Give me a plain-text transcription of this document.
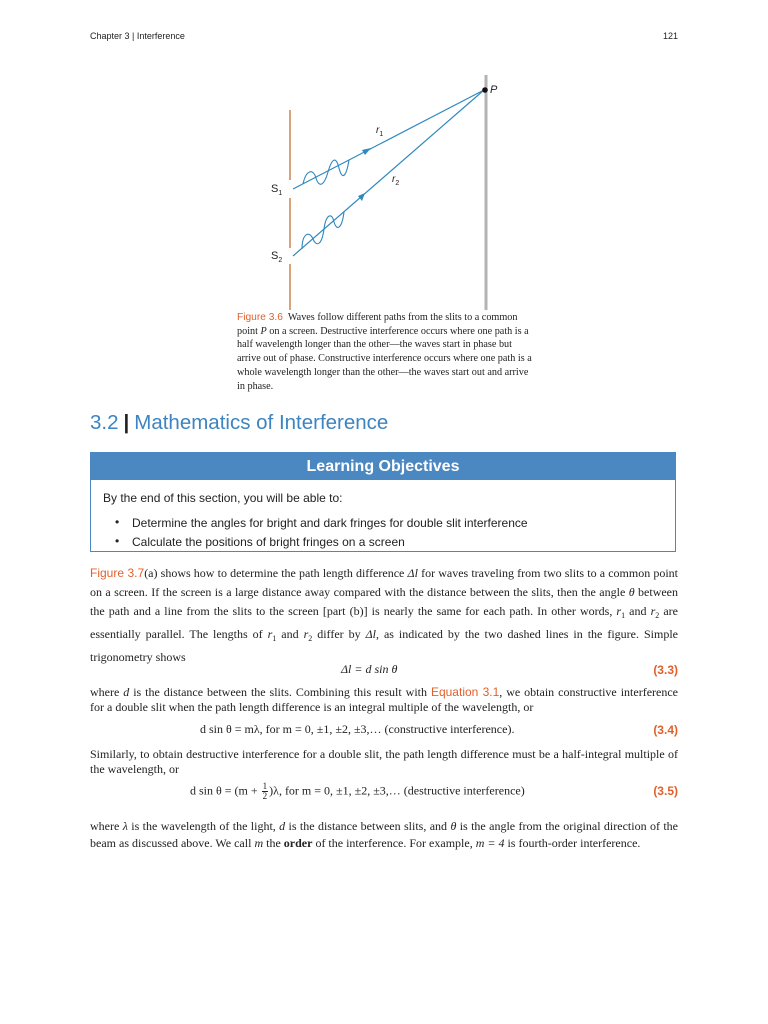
Chapter 3 | Interference	121
P
$r_1$
$r_2$
$S_1$
$S_2$
Figure 3.6 Waves follow different paths from the slits to a common point P on a screen. Destructive interference occurs where one path is a half wavelength longer than the other—the waves start in phase but arrive out of phase. Constructive interference occurs where one path is a whole wavelength longer than the other—the waves start out and arrive in phase.
3.2 | Mathematics of Interference
Learning Objectives
By the end of this section, you will be able to:
• Determine the angles for bright and dark fringes for double slit interference
• Calculate the positions of bright fringes on a screen
Figure 3.7(a) shows how to determine the path length difference Δl for waves traveling from two slits to a common point on a screen. If the screen is a large distance away compared with the distance between the slits, then the angle θ between the path and a line from the slits to the screen [part (b)] is nearly the same for each path. In other words, $r_1$ and $r_2$ are essentially parallel. The lengths of $r_1$ and $r_2$ differ by Δl, as indicated by the two dashed lines in the figure. Simple trigonometry shows
Δl = d sin θ	(3.3)
where d is the distance between the slits. Combining this result with Equation 3.1, we obtain constructive interference for a double slit when the path length difference is an integral multiple of the wavelength, or
d sin θ = mλ, for m = 0, ±1, ±2, ±3,… (constructive interference).	(3.4)
Similarly, to obtain destructive interference for a double slit, the path length difference must be a half-integral multiple of the wavelength, or
d $\sin \theta = (m + \frac{1}{2} )\lambda$, for m = 0, ±1, ±2, ±3,… (destructive interference)	(3.5)
where λ is the wavelength of the light, d is the distance between slits, and θ is the angle from the original direction of the beam as discussed above. We call m the order of the interference. For example, m = 4 is fourth-order interference.
